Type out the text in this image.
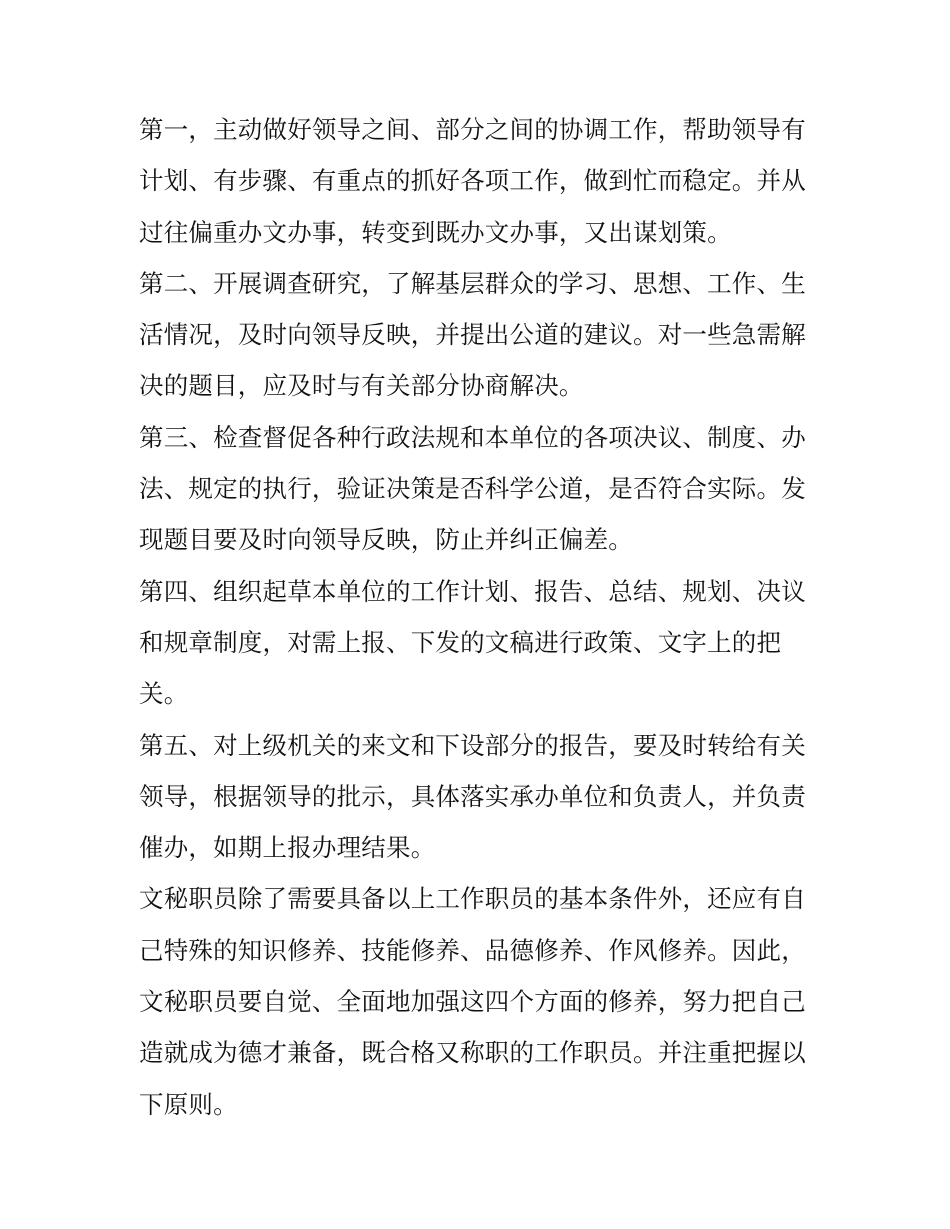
第一，主动做好领导之间、部分之间的协调工作，帮助领导有
计划、有步骤、有重点的抓好各项工作，做到忙而稳定。并从
过往偏重办文办事，转变到既办文办事，又出谋划策。
第二、开展调查研究，了解基层群众的学习、思想、工作、生
活情况，及时向领导反映，并提出公道的建议。对一些急需解
决的题目，应及时与有关部分协商解决。
第三、检查督促各种行政法规和本单位的各项决议、制度、办
法、规定的执行，验证决策是否科学公道，是否符合实际。发
现题目要及时向领导反映，防止并纠正偏差。
第四、组织起草本单位的工作计划、报告、总结、规划、决议
和规章制度，对需上报、下发的文稿进行政策、文字上的把
关。
第五、对上级机关的来文和下设部分的报告，要及时转给有关
领导，根据领导的批示，具体落实承办单位和负责人，并负责
催办，如期上报办理结果。
文秘职员除了需要具备以上工作职员的基本条件外，还应有自
己特殊的知识修养、技能修养、品德修养、作风修养。因此，
文秘职员要自觉、全面地加强这四个方面的修养，努力把自己
造就成为德才兼备，既合格又称职的工作职员。并注重把握以
下原则。
